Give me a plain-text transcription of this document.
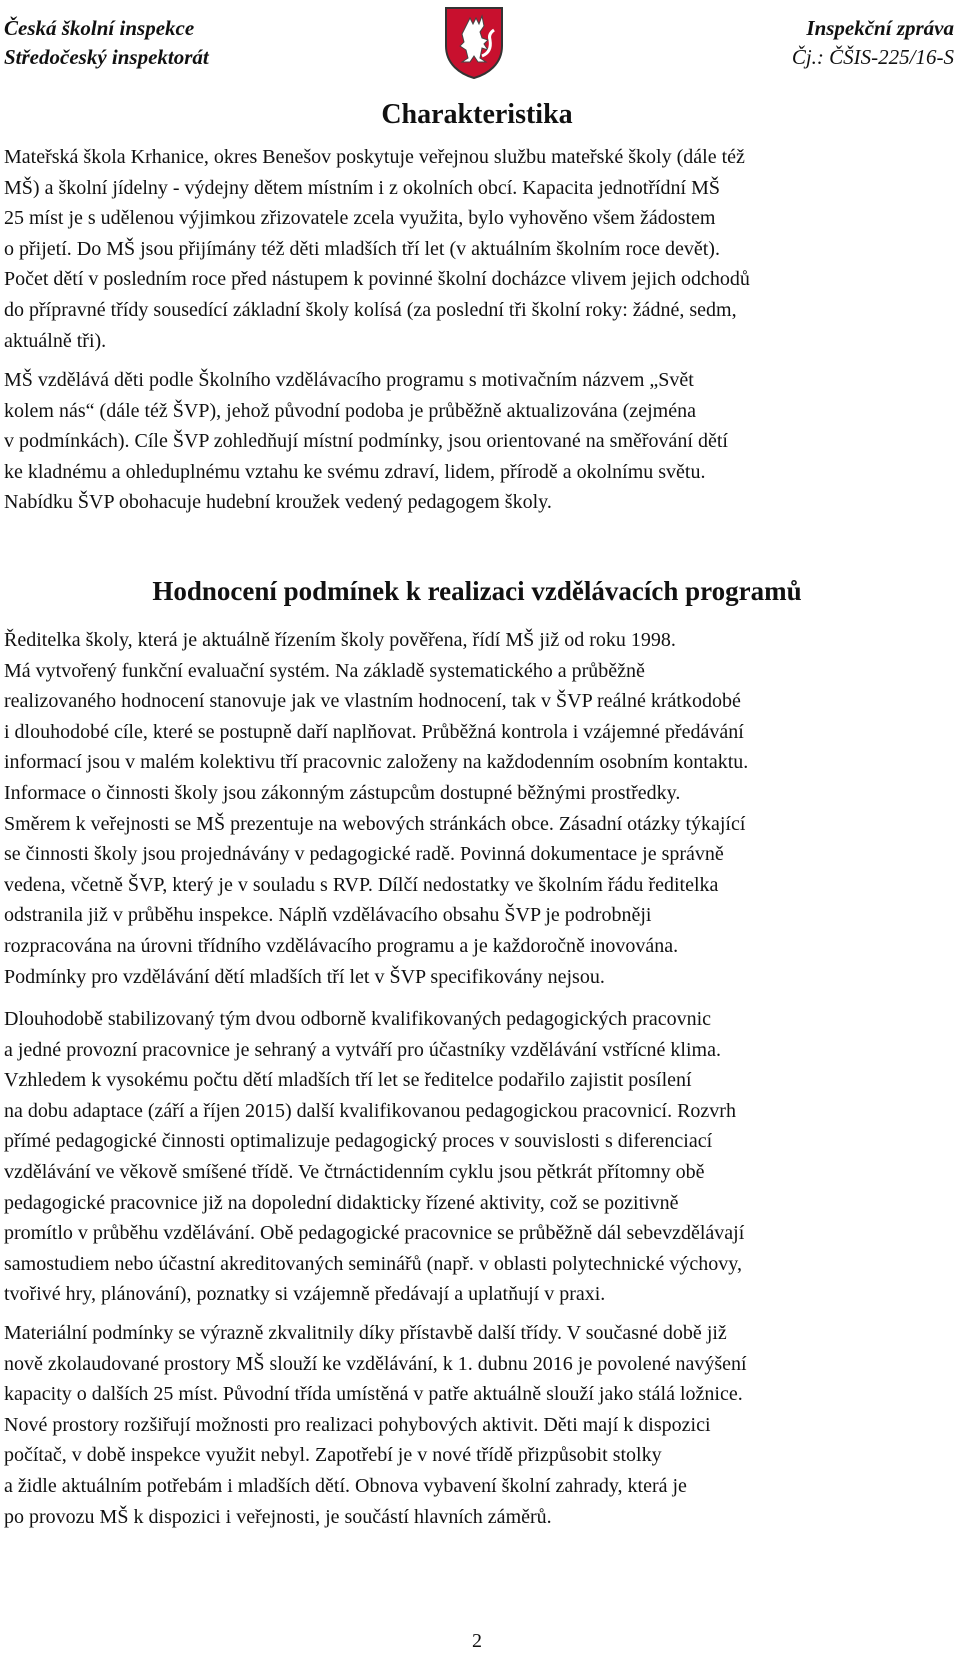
Česká školní inspekce
Středočeský inspektorát
Inspekční zpráva
Čj.: ČŠIS-225/16-S
Charakteristika
Mateřská škola Krhanice, okres Benešov poskytuje veřejnou službu mateřské školy (dále též
MŠ) a školní jídelny - výdejny dětem místním i z okolních obcí. Kapacita jednotřídní MŠ
25 míst je s udělenou výjimkou zřizovatele zcela využita, bylo vyhověno všem žádostem
o přijetí. Do MŠ jsou přijímány též děti mladších tří let (v aktuálním školním roce devět).
Počet dětí v posledním roce před nástupem k povinné školní docházce vlivem jejich odchodů
do přípravné třídy sousedící základní školy kolísá (za poslední tři školní roky: žádné, sedm,
aktuálně tři).
MŠ vzdělává děti podle Školního vzdělávacího programu s motivačním názvem „Svět
kolem nás“ (dále též ŠVP), jehož původní podoba je průběžně aktualizována (zejména
v podmínkách). Cíle ŠVP zohledňují místní podmínky, jsou orientované na směřování dětí
ke kladnému a ohleduplnému vztahu ke svému zdraví, lidem, přírodě a okolnímu světu.
Nabídku ŠVP obohacuje hudební kroužek vedený pedagogem školy.
Hodnocení podmínek k realizaci vzdělávacích programů
Ředitelka školy, která je aktuálně řízením školy pověřena, řídí MŠ již od roku 1998.
Má vytvořený funkční evaluační systém. Na základě systematického a průběžně
realizovaného hodnocení stanovuje jak ve vlastním hodnocení, tak v ŠVP reálné krátkodobé
i dlouhodobé cíle, které se postupně daří naplňovat. Průběžná kontrola i vzájemné předávání
informací jsou v malém kolektivu tří pracovnic založeny na každodenním osobním kontaktu.
Informace o činnosti školy jsou zákonným zástupcům dostupné běžnými prostředky.
Směrem k veřejnosti se MŠ prezentuje na webových stránkách obce. Zásadní otázky týkající
se činnosti školy jsou projednávány v pedagogické radě. Povinná dokumentace je správně
vedena, včetně ŠVP, který je v souladu s RVP. Dílčí nedostatky ve školním řádu ředitelka
odstranila již v průběhu inspekce. Náplň vzdělávacího obsahu ŠVP je podrobněji
rozpracována na úrovni třídního vzdělávacího programu a je každoročně inovována.
Podmínky pro vzdělávání dětí mladších tří let v ŠVP specifikovány nejsou.
Dlouhodobě stabilizovaný tým dvou odborně kvalifikovaných pedagogických pracovnic
a jedné provozní pracovnice je sehraný a vytváří pro účastníky vzdělávání vstřícné klima.
Vzhledem k vysokému počtu dětí mladších tří let se ředitelce podařilo zajistit posílení
na dobu adaptace (září a říjen 2015) další kvalifikovanou pedagogickou pracovnicí. Rozvrh
přímé pedagogické činnosti optimalizuje pedagogický proces v souvislosti s diferenciací
vzdělávání ve věkově smíšené třídě. Ve čtrnáctidenním cyklu jsou pětkrát přítomny obě
pedagogické pracovnice již na dopolední didakticky řízené aktivity, což se pozitivně
promítlo v průběhu vzdělávání. Obě pedagogické pracovnice se průběžně dál sebevzdělávají
samostudiem nebo účastní akreditovaných seminářů (např. v oblasti polytechnické výchovy,
tvořivé hry, plánování), poznatky si vzájemně předávají a uplatňují v praxi.
Materiální podmínky se výrazně zkvalitnily díky přístavbě další třídy. V současné době již
nově zkolaudované prostory MŠ slouží ke vzdělávání, k 1. dubnu 2016 je povolené navýšení
kapacity o dalších 25 míst. Původní třída umístěná v patře aktuálně slouží jako stálá ložnice.
Nové prostory rozšiřují možnosti pro realizaci pohybových aktivit. Děti mají k dispozici
počítač, v době inspekce využit nebyl. Zapotřebí je v nové třídě přizpůsobit stolky
a židle aktuálním potřebám i mladších dětí. Obnova vybavení školní zahrady, která je
po provozu MŠ k dispozici i veřejnosti, je součástí hlavních záměrů.
2
